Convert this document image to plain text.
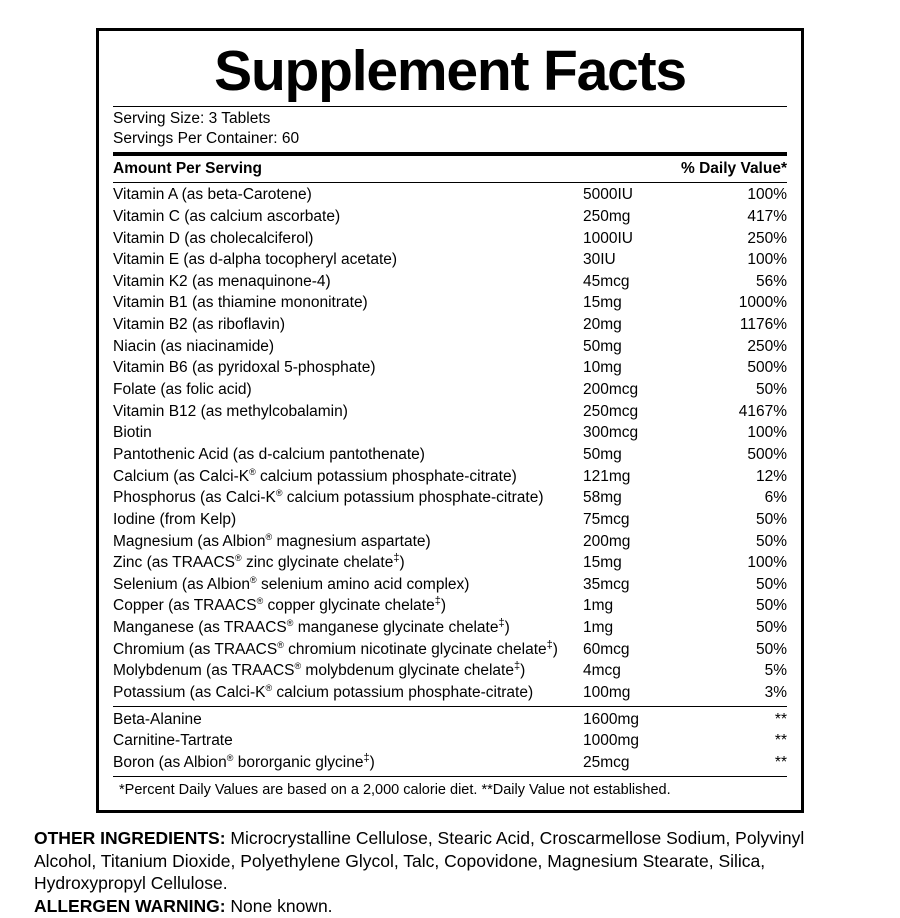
Supplement Facts
Serving Size: 3 Tablets
Servings Per Container: 60
Amount Per Serving	% Daily Value*
Vitamin A (as beta-Carotene)	5000IU	100%
Vitamin C (as calcium ascorbate)	250mg	417%
Vitamin D (as cholecalciferol)	1000IU	250%
Vitamin E (as d-alpha tocopheryl acetate)	30IU	100%
Vitamin K2 (as menaquinone-4)	45mcg	56%
Vitamin B1 (as thiamine mononitrate)	15mg	1000%
Vitamin B2 (as riboflavin)	20mg	1176%
Niacin (as niacinamide)	50mg	250%
Vitamin B6 (as pyridoxal 5-phosphate)	10mg	500%
Folate (as folic acid)	200mcg	50%
Vitamin B12 (as methylcobalamin)	250mcg	4167%
Biotin	300mcg	100%
Pantothenic Acid (as d-calcium pantothenate)	50mg	500%
Calcium (as Calci-K® calcium potassium phosphate-citrate)	121mg	12%
Phosphorus (as Calci-K® calcium potassium phosphate-citrate)	58mg	6%
Iodine (from Kelp)	75mcg	50%
Magnesium (as Albion® magnesium aspartate)	200mg	50%
Zinc (as TRAACS® zinc glycinate chelate‡)	15mg	100%
Selenium (as Albion® selenium amino acid complex)	35mcg	50%
Copper (as TRAACS® copper glycinate chelate‡)	1mg	50%
Manganese (as TRAACS® manganese glycinate chelate‡)	1mg	50%
Chromium (as TRAACS® chromium nicotinate glycinate chelate‡)	60mcg	50%
Molybdenum (as TRAACS® molybdenum glycinate chelate‡)	4mcg	5%
Potassium (as Calci-K® calcium potassium phosphate-citrate)	100mg	3%
Beta-Alanine	1600mg	**
Carnitine-Tartrate	1000mg	**
Boron (as Albion® bororganic glycine‡)	25mcg	**
*Percent Daily Values are based on a 2,000 calorie diet. **Daily Value not established.

OTHER INGREDIENTS: Microcrystalline Cellulose, Stearic Acid, Croscarmellose Sodium, Polyvinyl Alcohol, Titanium Dioxide, Polyethylene Glycol, Talc, Copovidone, Magnesium Stearate, Silica, Hydroxypropyl Cellulose.

ALLERGEN WARNING: None known.
